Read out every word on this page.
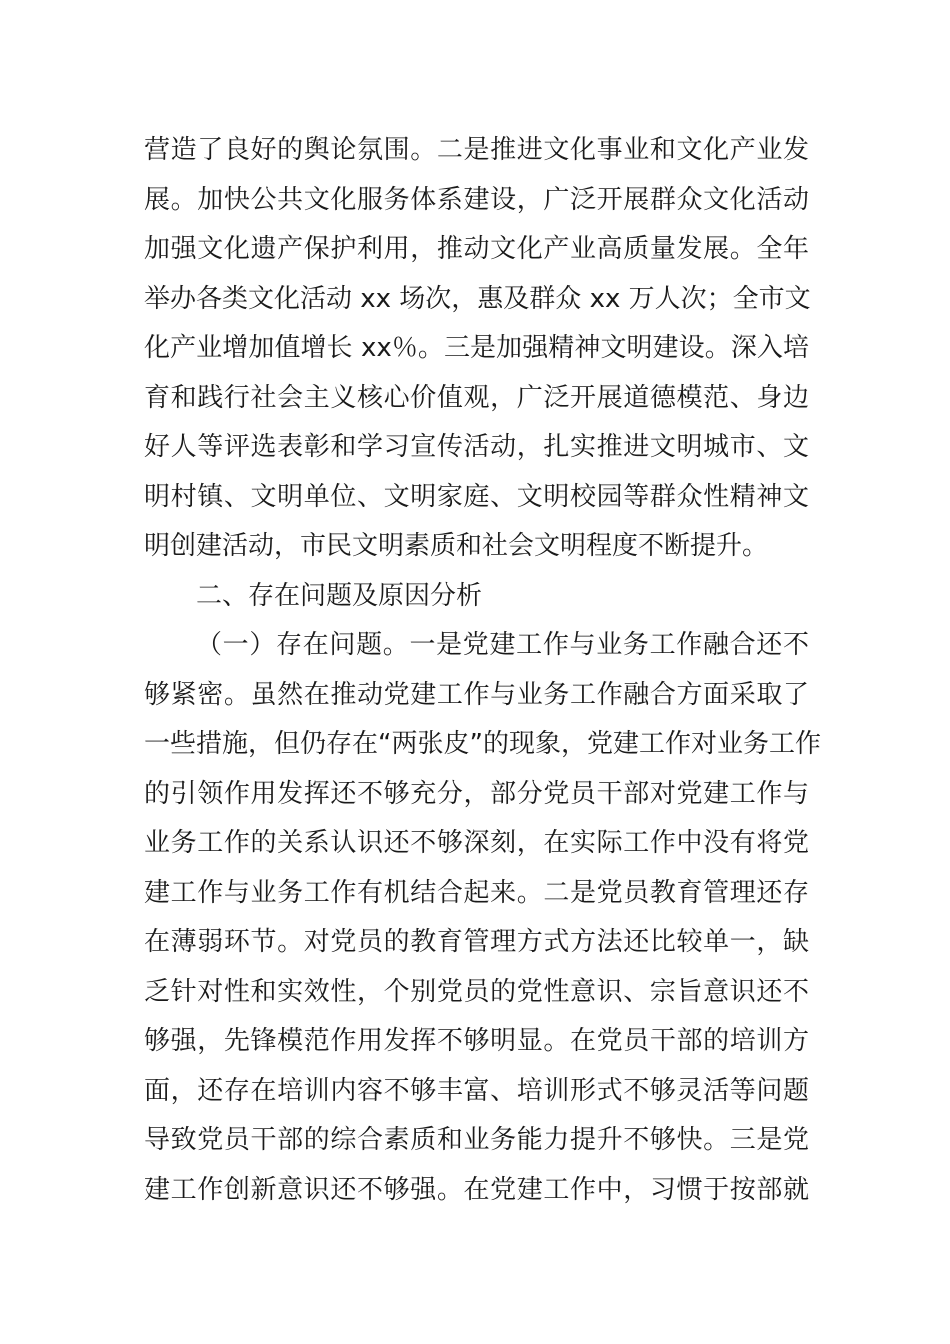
营造了良好的舆论氛围。二是推进文化事业和文化产业发
展。加快公共文化服务体系建设，广泛开展群众文化活动
加强文化遗产保护利用，推动文化产业高质量发展。全年
举办各类文化活动 xx 场次，惠及群众 xx 万人次；全市文
化产业增加值增长 xx％。三是加强精神文明建设。深入培
育和践行社会主义核心价值观，广泛开展道德模范、身边
好人等评选表彰和学习宣传活动，扎实推进文明城市、文
明村镇、文明单位、文明家庭、文明校园等群众性精神文
明创建活动，市民文明素质和社会文明程度不断提升。
二、存在问题及原因分析
（一）存在问题。一是党建工作与业务工作融合还不
够紧密。虽然在推动党建工作与业务工作融合方面采取了
一些措施，但仍存在“两张皮”的现象，党建工作对业务工作
的引领作用发挥还不够充分，部分党员干部对党建工作与
业务工作的关系认识还不够深刻，在实际工作中没有将党
建工作与业务工作有机结合起来。二是党员教育管理还存
在薄弱环节。对党员的教育管理方式方法还比较单一，缺
乏针对性和实效性，个别党员的党性意识、宗旨意识还不
够强，先锋模范作用发挥不够明显。在党员干部的培训方
面，还存在培训内容不够丰富、培训形式不够灵活等问题
导致党员干部的综合素质和业务能力提升不够快。三是党
建工作创新意识还不够强。在党建工作中，习惯于按部就
